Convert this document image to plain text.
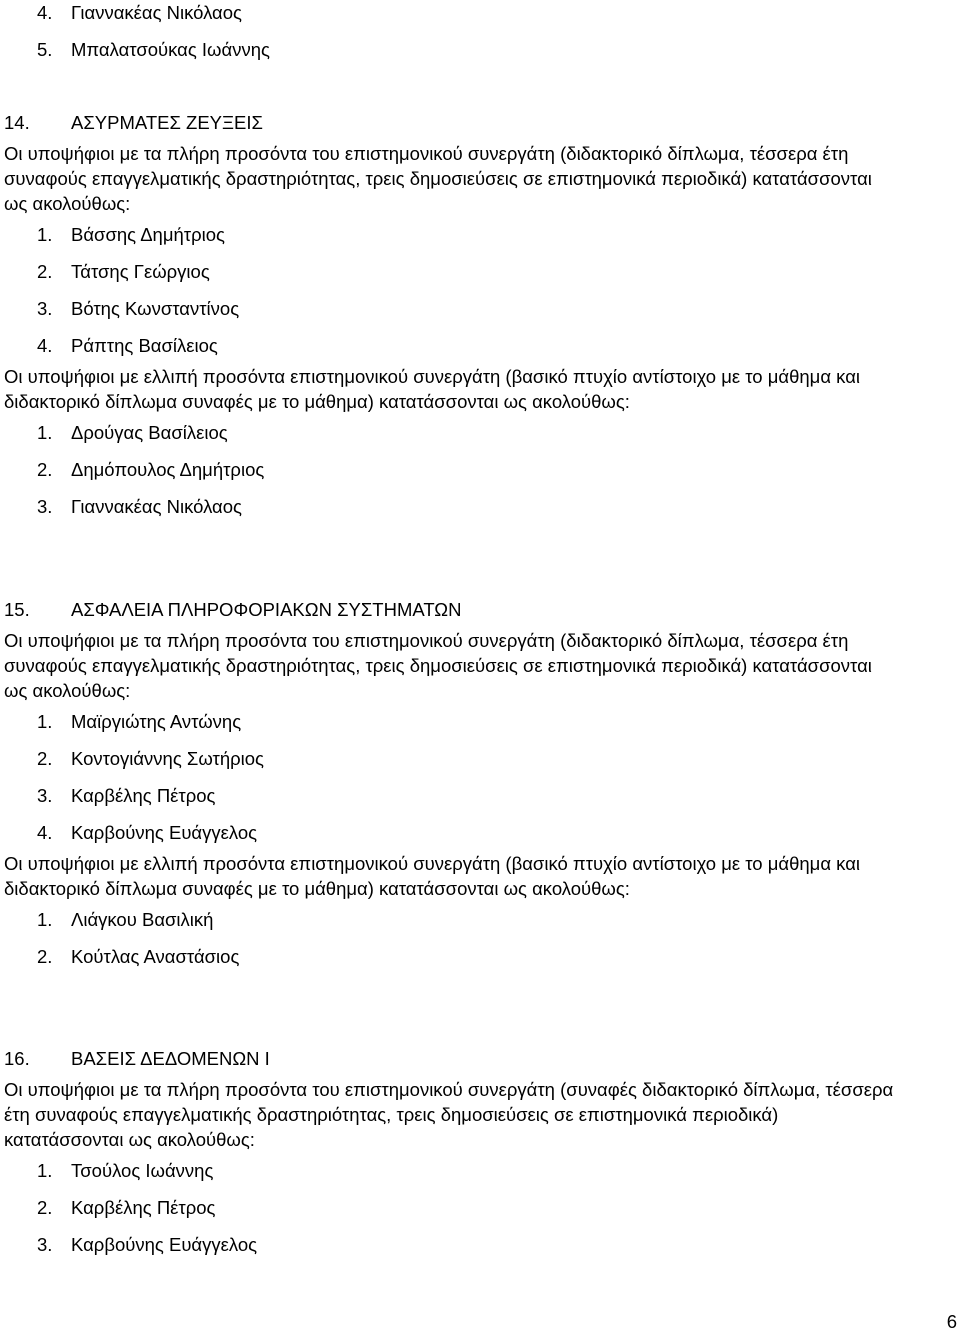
4.	Γιαννακέας Νικόλαος
5.	Μπαλατσούκας Ιωάννης
14.	ΑΣΥΡΜΑΤΕΣ ΖΕΥΞΕΙΣ

Οι υποψήφιοι με τα πλήρη προσόντα του επιστημονικού συνεργάτη (διδακτορικό δίπλωμα, τέσσερα έτη
συναφούς επαγγελματικής δραστηριότητας, τρεις δημοσιεύσεις σε επιστημονικά περιοδικά) κατατάσσονται
ως ακολούθως:

1.	Βάσσης Δημήτριος
2.	Τάτσης Γεώργιος
3.	Βότης Κωνσταντίνος
4.	Ράπτης Βασίλειος

Οι υποψήφιοι με ελλιπή προσόντα επιστημονικού συνεργάτη (βασικό πτυχίο αντίστοιχο με το μάθημα και
διδακτορικό δίπλωμα συναφές με το μάθημα) κατατάσσονται ως ακολούθως:

1.	Δρούγας Βασίλειος
2.	Δημόπουλος Δημήτριος
3.	Γιαννακέας Νικόλαος
15.	ΑΣΦΑΛΕΙΑ ΠΛΗΡΟΦΟΡΙΑΚΩΝ ΣΥΣΤΗΜΑΤΩΝ

Οι υποψήφιοι με τα πλήρη προσόντα του επιστημονικού συνεργάτη (διδακτορικό δίπλωμα, τέσσερα έτη
συναφούς επαγγελματικής δραστηριότητας, τρεις δημοσιεύσεις σε επιστημονικά περιοδικά) κατατάσσονται
ως ακολούθως:

1.	Μαϊργιώτης Αντώνης
2.	Κοντογιάννης Σωτήριος
3.	Καρβέλης Πέτρος
4.	Καρβούνης Ευάγγελος

Οι υποψήφιοι με ελλιπή προσόντα επιστημονικού συνεργάτη (βασικό πτυχίο αντίστοιχο με το μάθημα και
διδακτορικό δίπλωμα συναφές με το μάθημα) κατατάσσονται ως ακολούθως:

1.	Λιάγκου Βασιλική
2.	Κούτλας Αναστάσιος
16.	ΒΑΣΕΙΣ ΔΕΔΟΜΕΝΩΝ Ι

Οι υποψήφιοι με τα πλήρη προσόντα του επιστημονικού συνεργάτη (συναφές διδακτορικό δίπλωμα, τέσσερα
έτη συναφούς επαγγελματικής δραστηριότητας, τρεις δημοσιεύσεις σε επιστημονικά περιοδικά)
κατατάσσονται ως ακολούθως:

1.	Τσούλος Ιωάννης
2.	Καρβέλης Πέτρος
3.	Καρβούνης Ευάγγελος
6
